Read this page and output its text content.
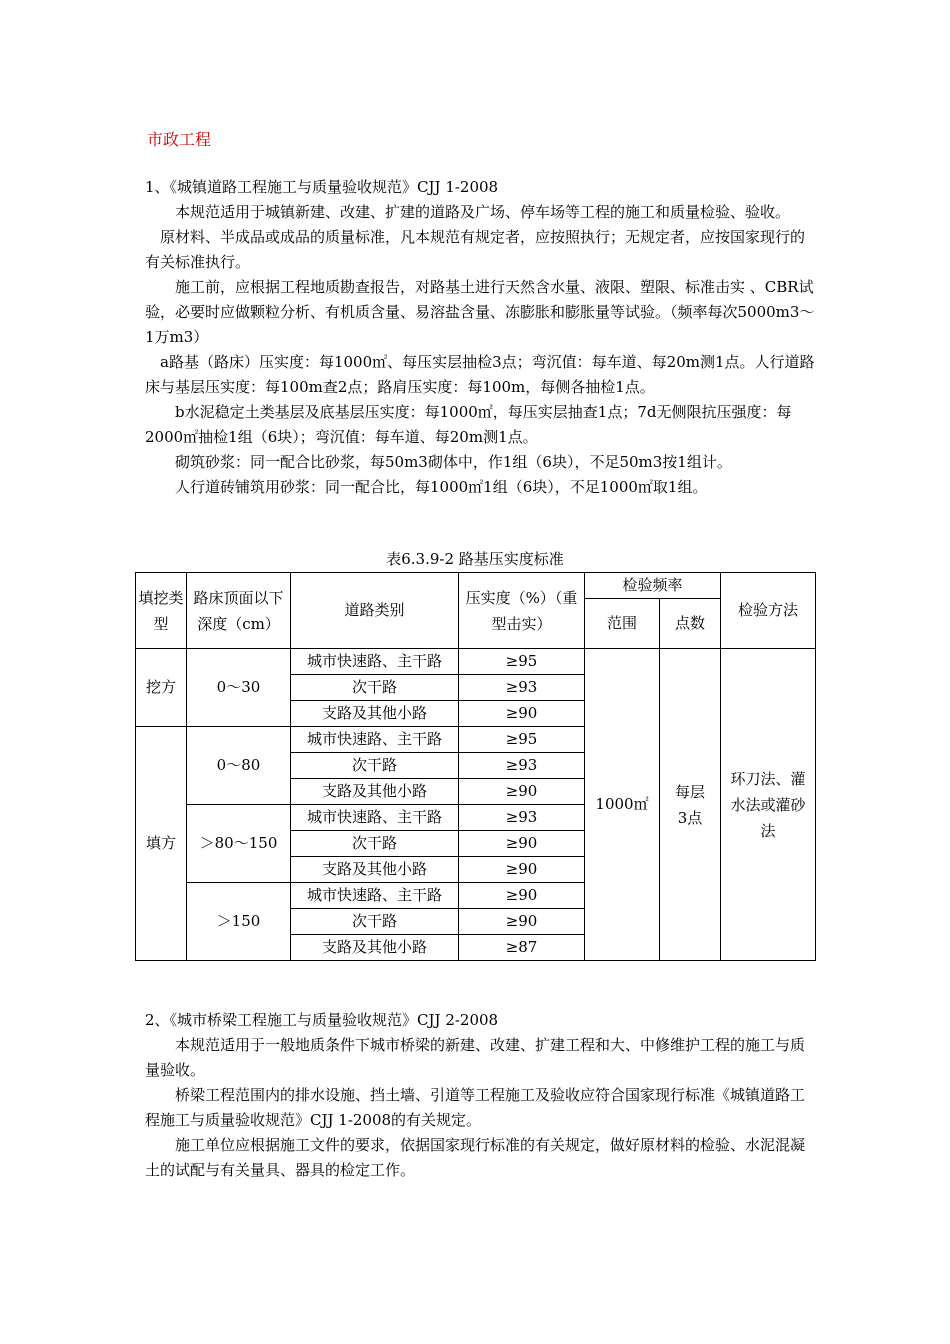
市政工程

1、《城镇道路工程施工与质量验收规范》CJJ 1-2008

本规范适用于城镇新建、改建、扩建的道路及广场、停车场等工程的施工和质量检验、验收。

原材料、半成品或成品的质量标准，凡本规范有规定者，应按照执行；无规定者，应按国家现行的有关标准执行。

施工前，应根据工程地质勘查报告，对路基土进行天然含水量、液限、塑限、标准击实 、CBR试验，必要时应做颗粒分析、有机质含量、易溶盐含量、冻膨胀和膨胀量等试验。（频率每次5000m3～1万m3）

a路基（路床）压实度：每1000㎡、每压实层抽检3点；弯沉值：每车道、每20m测1点。人行道路床与基层压实度：每100m查2点；路肩压实度：每100m，每侧各抽检1点。

b水泥稳定土类基层及底基层压实度：每1000㎡，每压实层抽查1点；7d无侧限抗压强度：每2000㎡抽检1组（6块）；弯沉值：每车道、每20m测1点。

砌筑砂浆：同一配合比砂浆，每50m3砌体中，作1组（6块），不足50m3按1组计。

人行道砖铺筑用砂浆：同一配合比，每1000㎡1组（6块），不足1000㎡取1组。

表6.3.9-2 路基压实度标准
填挖类型	路床顶面以下深度（cm）	道路类别	压实度（%）（重型击实）	检验频率		检验方法
				范围	点数	

挖方	0～30	城市快速路、主干路	≥95	1000㎡	每层3点	环刀法、灌水法或灌砂法
		次干路	≥93			
		支路及其他小路	≥90			
填方	0～80	城市快速路、主干路	≥95			
		次干路	≥93			
		支路及其他小路	≥90			
	＞80～150	城市快速路、主干路	≥93			
		次干路	≥90			
		支路及其他小路	≥90			
	＞150	城市快速路、主干路	≥90			
		次干路	≥90			
		支路及其他小路	≥87			

2、《城市桥梁工程施工与质量验收规范》CJJ 2-2008

本规范适用于一般地质条件下城市桥梁的新建、改建、扩建工程和大、中修维护工程的施工与质量验收。

桥梁工程范围内的排水设施、挡土墙、引道等工程施工及验收应符合国家现行标准《城镇道路工程施工与质量验收规范》CJJ 1-2008的有关规定。

施工单位应根据施工文件的要求，依据国家现行标准的有关规定，做好原材料的检验、水泥混凝土的试配与有关量具、器具的检定工作。
